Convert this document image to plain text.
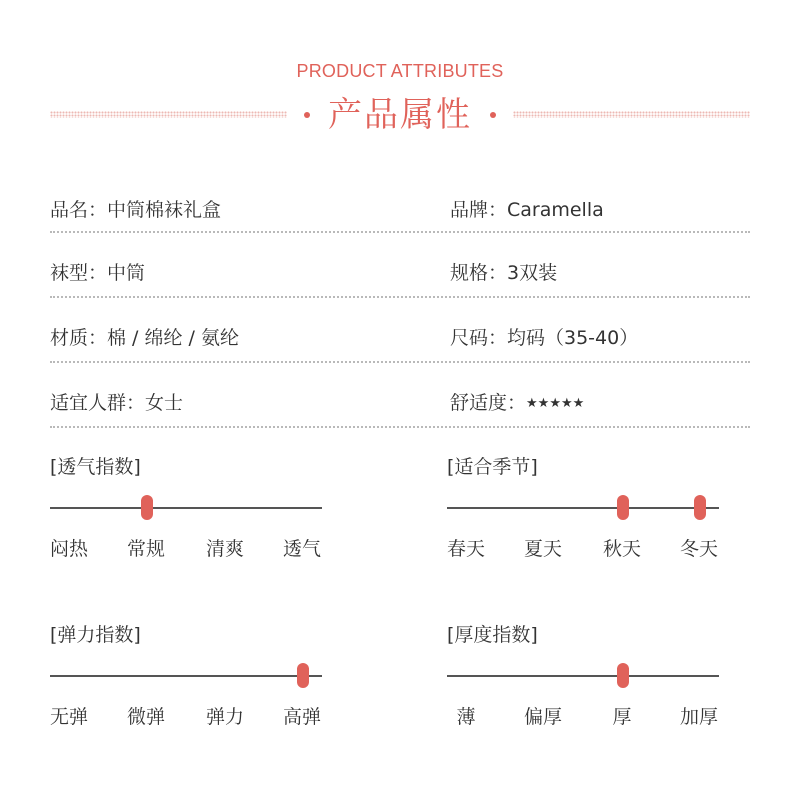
PRODUCT ATTRIBUTES
产品属性
品名：中筒棉袜礼盒	品牌：Caramella
袜型：中筒	规格：3双装
材质：棉 / 绵纶 / 氨纶	尺码：均码（35-40）
适宜人群：女士	舒适度：★★★★★
[透气指数]
闷热	常规	清爽	透气
[适合季节]
春天	夏天	秋天	冬天
[弹力指数]
无弹	微弹	弹力	高弹
[厚度指数]
薄	偏厚	厚	加厚
